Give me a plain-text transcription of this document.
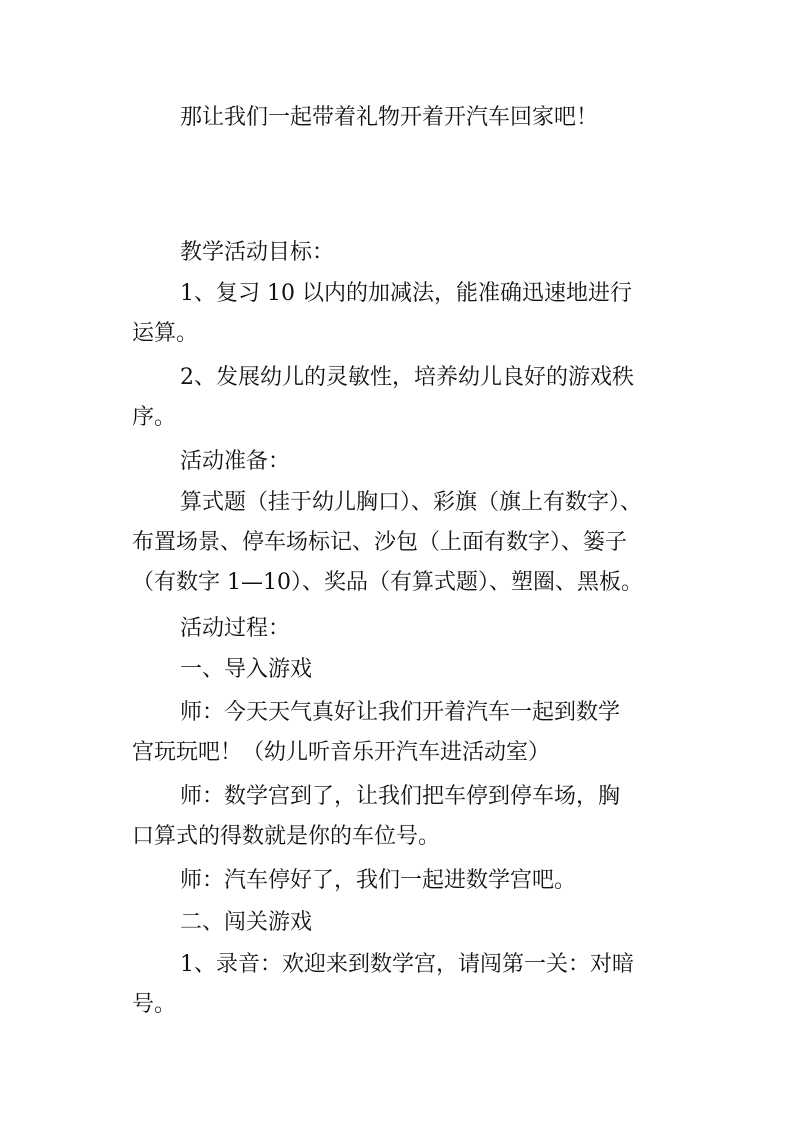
那让我们一起带着礼物开着开汽车回家吧！

教学活动目标：

1、复习 10 以内的加减法，能准确迅速地进行
运算。

2、发展幼儿的灵敏性，培养幼儿良好的游戏秩
序。

活动准备：

算式题（挂于幼儿胸口）、彩旗（旗上有数字）、
布置场景、停车场标记、沙包（上面有数字）、篓子
（有数字 1—10）、奖品（有算式题）、塑圈、黑板。

活动过程：

一、导入游戏

师：今天天气真好让我们开着汽车一起到数学
宫玩玩吧！（幼儿听音乐开汽车进活动室）

师：数学宫到了，让我们把车停到停车场，胸
口算式的得数就是你的车位号。

师：汽车停好了，我们一起进数学宫吧。

二、闯关游戏

1、录音：欢迎来到数学宫，请闯第一关：对暗
号。
